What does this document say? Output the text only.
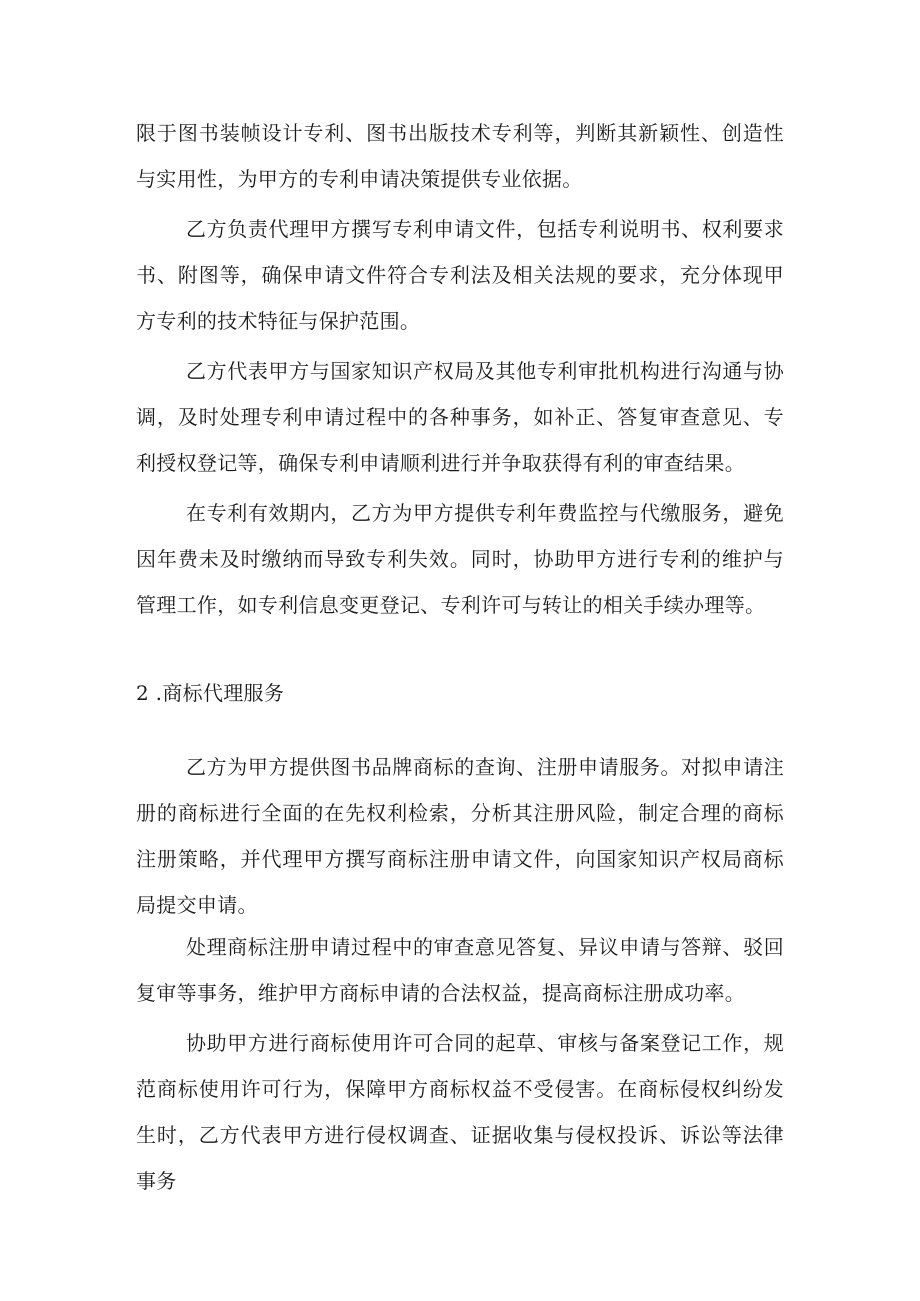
限于图书装帧设计专利、图书出版技术专利等，判断其新颖性、创造性与实用性，为甲方的专利申请决策提供专业依据。

乙方负责代理甲方撰写专利申请文件，包括专利说明书、权利要求书、附图等，确保申请文件符合专利法及相关法规的要求，充分体现甲方专利的技术特征与保护范围。

乙方代表甲方与国家知识产权局及其他专利审批机构进行沟通与协调，及时处理专利申请过程中的各种事务，如补正、答复审查意见、专利授权登记等，确保专利申请顺利进行并争取获得有利的审查结果。

在专利有效期内，乙方为甲方提供专利年费监控与代缴服务，避免因年费未及时缴纳而导致专利失效。同时，协助甲方进行专利的维护与管理工作，如专利信息变更登记、专利许可与转让的相关手续办理等。

2 .商标代理服务

乙方为甲方提供图书品牌商标的查询、注册申请服务。对拟申请注册的商标进行全面的在先权利检索，分析其注册风险，制定合理的商标注册策略，并代理甲方撰写商标注册申请文件，向国家知识产权局商标局提交申请。

处理商标注册申请过程中的审查意见答复、异议申请与答辩、驳回复审等事务，维护甲方商标申请的合法权益，提高商标注册成功率。

协助甲方进行商标使用许可合同的起草、审核与备案登记工作，规范商标使用许可行为，保障甲方商标权益不受侵害。在商标侵权纠纷发生时，乙方代表甲方进行侵权调查、证据收集与侵权投诉、诉讼等法律事务
